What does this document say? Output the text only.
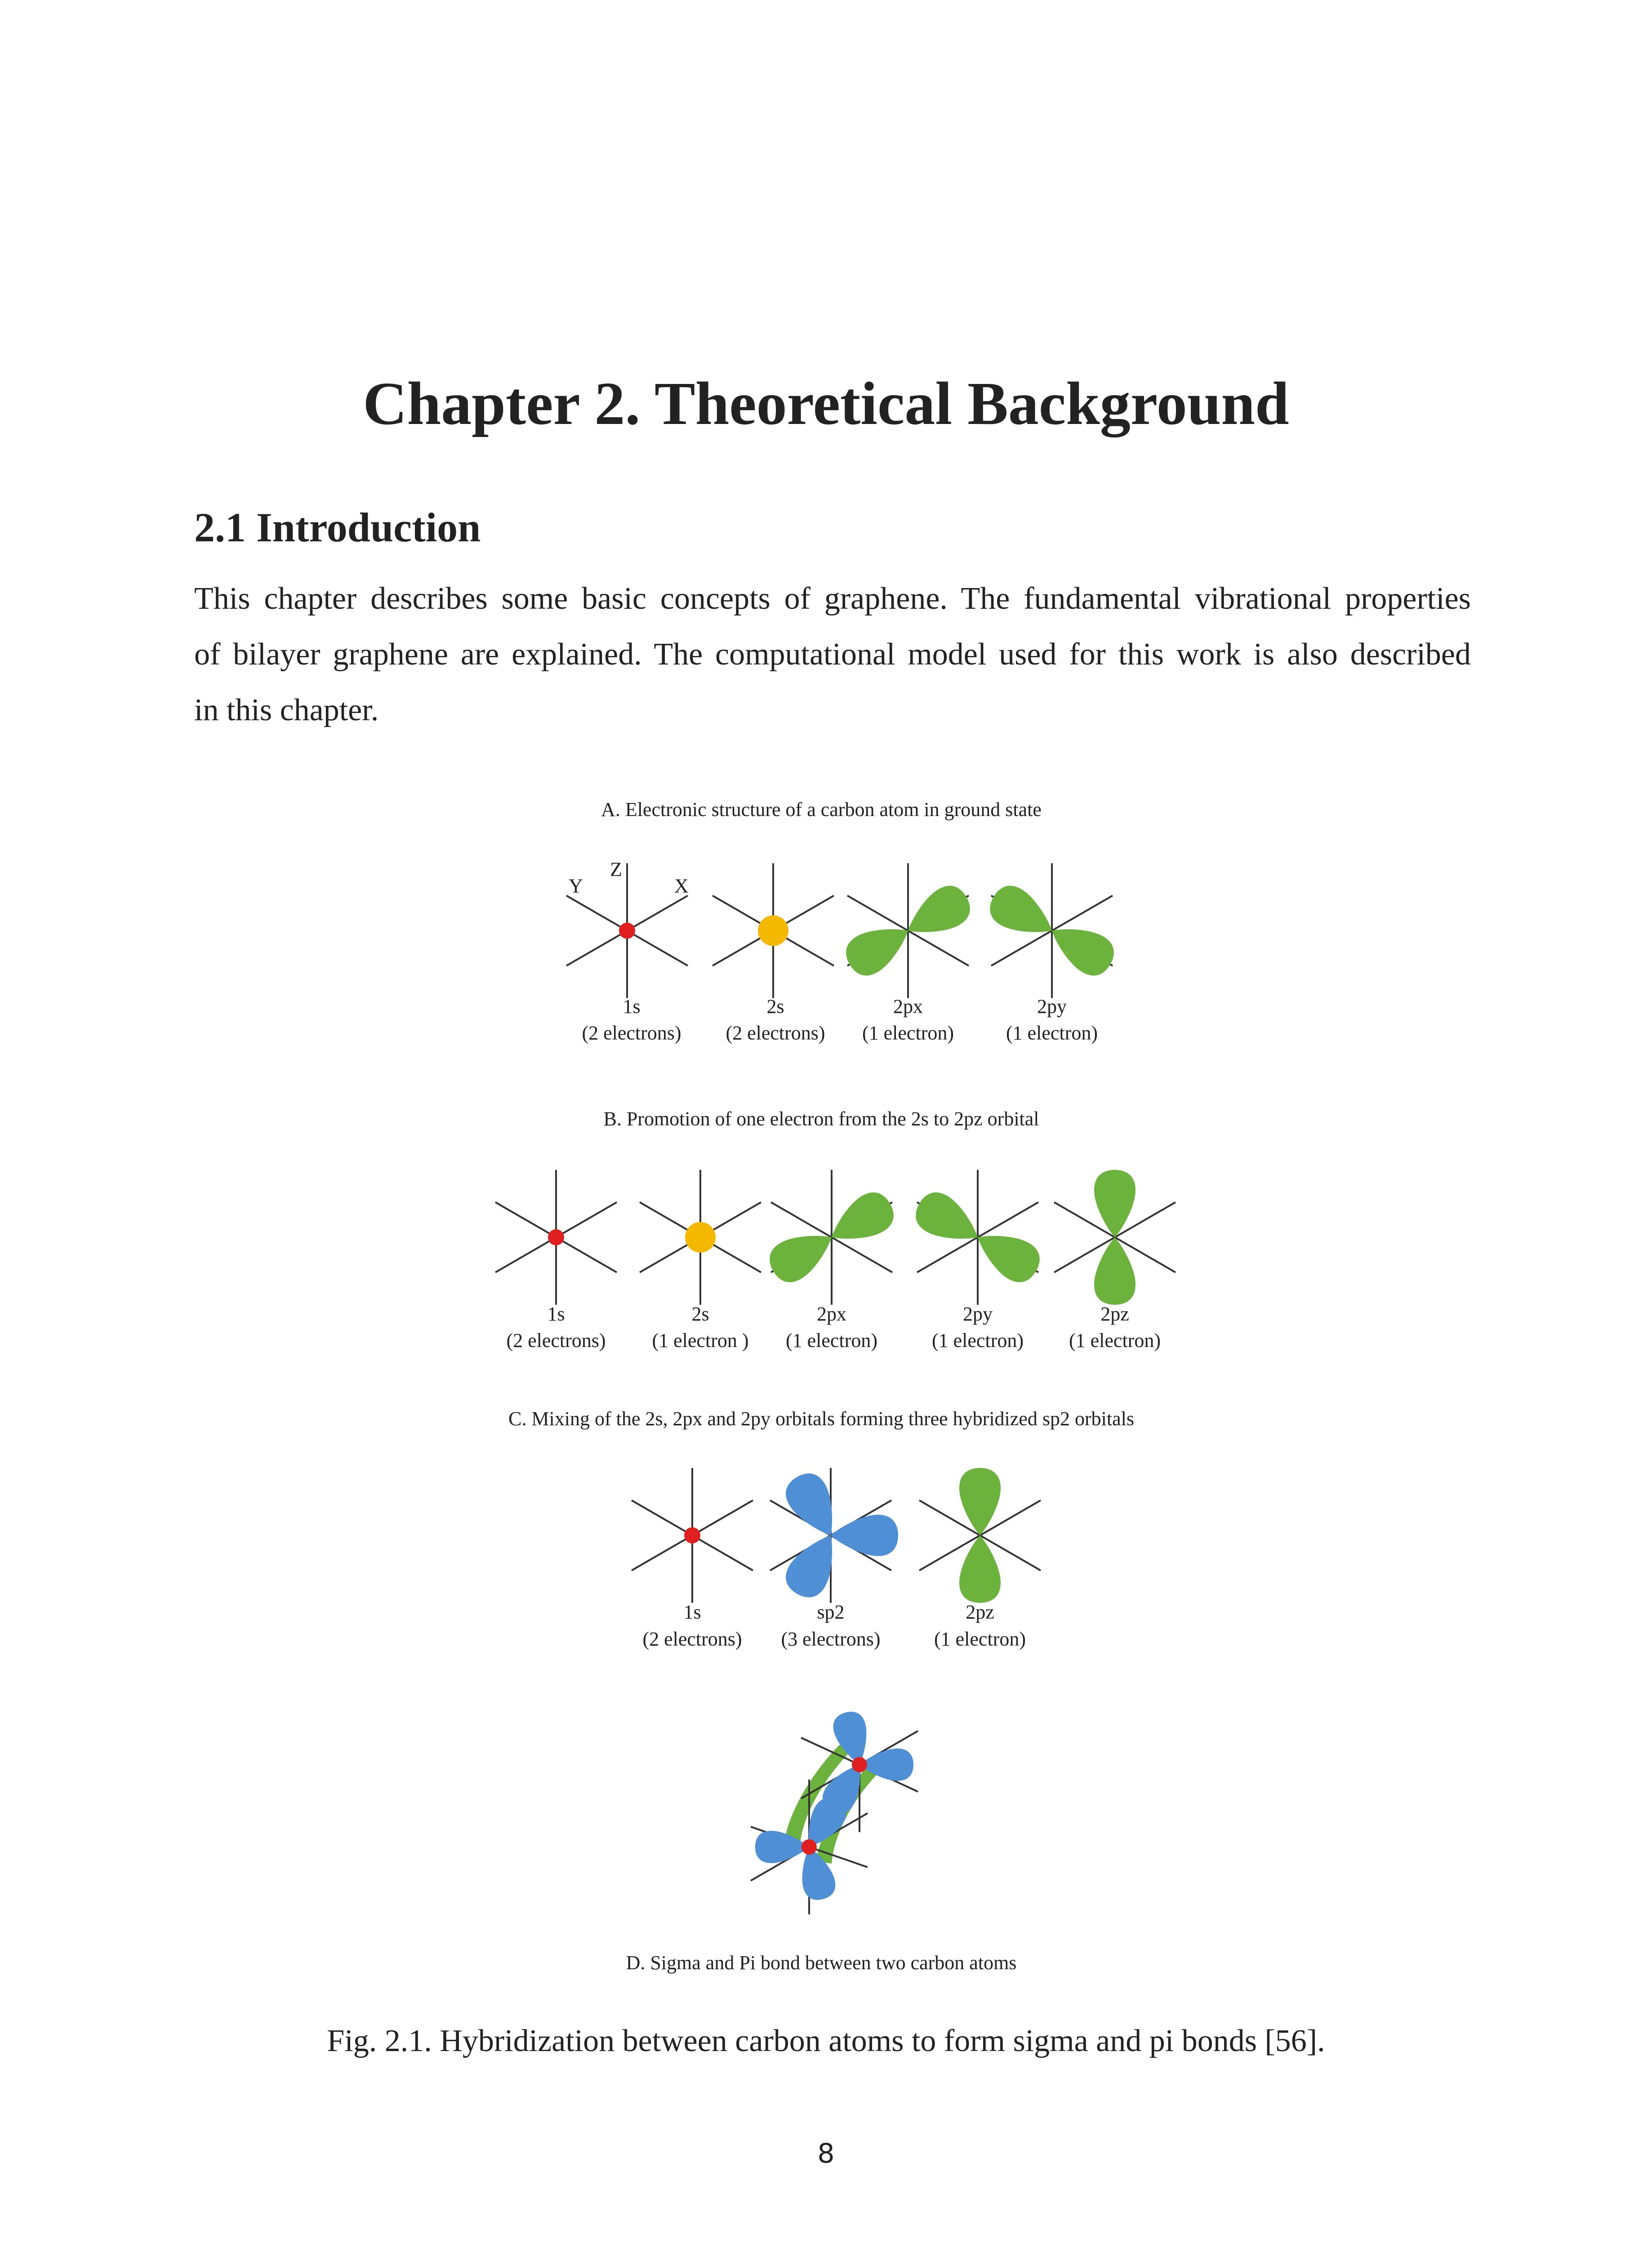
Chapter 2. Theoretical Background
2.1 Introduction

This chapter describes some basic concepts of graphene. The fundamental vibrational properties
of bilayer graphene are explained. The computational model used for this work is also described
in this chapter.

A. Electronic structure of a carbon atom in ground state
Y
Z
X
1s
(2 electrons)
2s
(2 electrons)
2px
(1 electron)
2py
(1 electron)
B. Promotion of one electron from the 2s to 2pz orbital
1s
(2 electrons)
2s
(1 electron )
2px
(1 electron)
2py
(1 electron)
2pz
(1 electron)
C. Mixing of the 2s, 2px and 2py orbitals forming three hybridized sp2 orbitals
1s
(2 electrons)
sp2
(3 electrons)
2pz
(1 electron)
D. Sigma and Pi bond between two carbon atoms

Fig. 2.1. Hybridization between carbon atoms to form sigma and pi bonds [56].

8
